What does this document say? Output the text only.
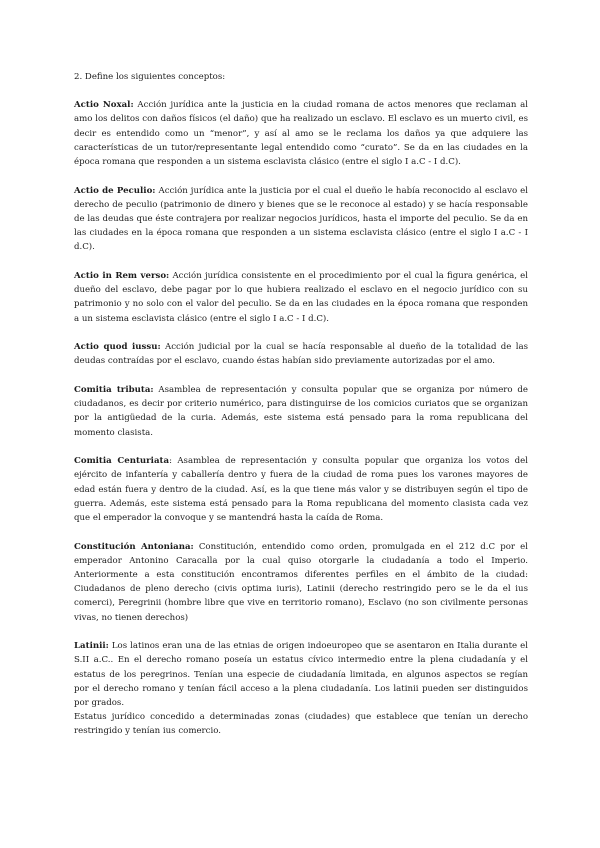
2. Define los siguientes conceptos:

Actio Noxal: Acción jurídica ante la justicia en la ciudad romana de actos menores que reclaman al amo los delitos con daños físicos (el daño) que ha realizado un esclavo. El esclavo es un muerto civil, es decir es entendido como un “menor”, y así al amo se le reclama los daños ya que adquiere las características de un tutor/representante legal entendido como “curato”. Se da en las ciudades en la época romana que responden a un sistema esclavista clásico (entre el siglo I a.C - I d.C).

Actio de Peculio: Acción jurídica ante la justicia por el cual el dueño le había reconocido al esclavo el derecho de peculio (patrimonio de dinero y bienes que se le reconoce al estado) y se hacía responsable de las deudas que éste contrajera por realizar negocios jurídicos, hasta el importe del peculio. Se da en las ciudades en la época romana que responden a un sistema esclavista clásico (entre el siglo I a.C - I d.C).

Actio in Rem verso: Acción jurídica consistente en el procedimiento por el cual la figura genérica, el dueño del esclavo, debe pagar por lo que hubiera realizado el esclavo en el negocio jurídico con su patrimonio y no solo con el valor del peculio. Se da en las ciudades en la época romana que responden a un sistema esclavista clásico (entre el siglo I a.C - I d.C).

Actio quod iussu: Acción judicial por la cual se hacía responsable al dueño de la totalidad de las deudas contraídas por el esclavo, cuando éstas habían sido previamente autorizadas por el amo.

Comitia tributa: Asamblea de representación y consulta popular que se organiza por número de ciudadanos, es decir por criterio numérico, para distinguirse de los comicios curiatos que se organizan por la antigüedad de la curia. Además, este sistema está pensado para la roma republicana del momento clasista.

Comitia Centuriata: Asamblea de representación y consulta popular que organiza los votos del ejército de infantería y caballería dentro y fuera de la ciudad de roma pues los varones mayores de edad están fuera y dentro de la ciudad. Así, es la que tiene más valor y se distribuyen según el tipo de guerra. Además, este sistema está pensado para la Roma republicana del momento clasista cada vez que el emperador la convoque y se mantendrá hasta la caída de Roma.

Constitución Antoniana: Constitución, entendido como orden, promulgada en el 212 d.C por el emperador Antonino Caracalla por la cual quiso otorgarle la ciudadanía a todo el Imperio. Anteriormente a esta constitución encontramos diferentes perfiles en el ámbito de la ciudad: Ciudadanos de pleno derecho (civis optima iuris), Latinii (derecho restringido pero se le da el ius comerci), Peregrinii (hombre libre que vive en territorio romano), Esclavo (no son civilmente personas vivas, no tienen derechos)

Latinii: Los latinos eran una de las etnias de origen indoeuropeo que se asentaron en Italia durante el S.II a.C.. En el derecho romano poseía un estatus cívico intermedio entre la plena ciudadanía y el estatus de los peregrinos. Tenían una especie de ciudadanía limitada, en algunos aspectos se regían por el derecho romano y tenían fácil acceso a la plena ciudadanía. Los latinii pueden ser distinguidos por grados.

Estatus jurídico concedido a determinadas zonas (ciudades) que establece que tenían un derecho restringido y tenían ius comercio.
